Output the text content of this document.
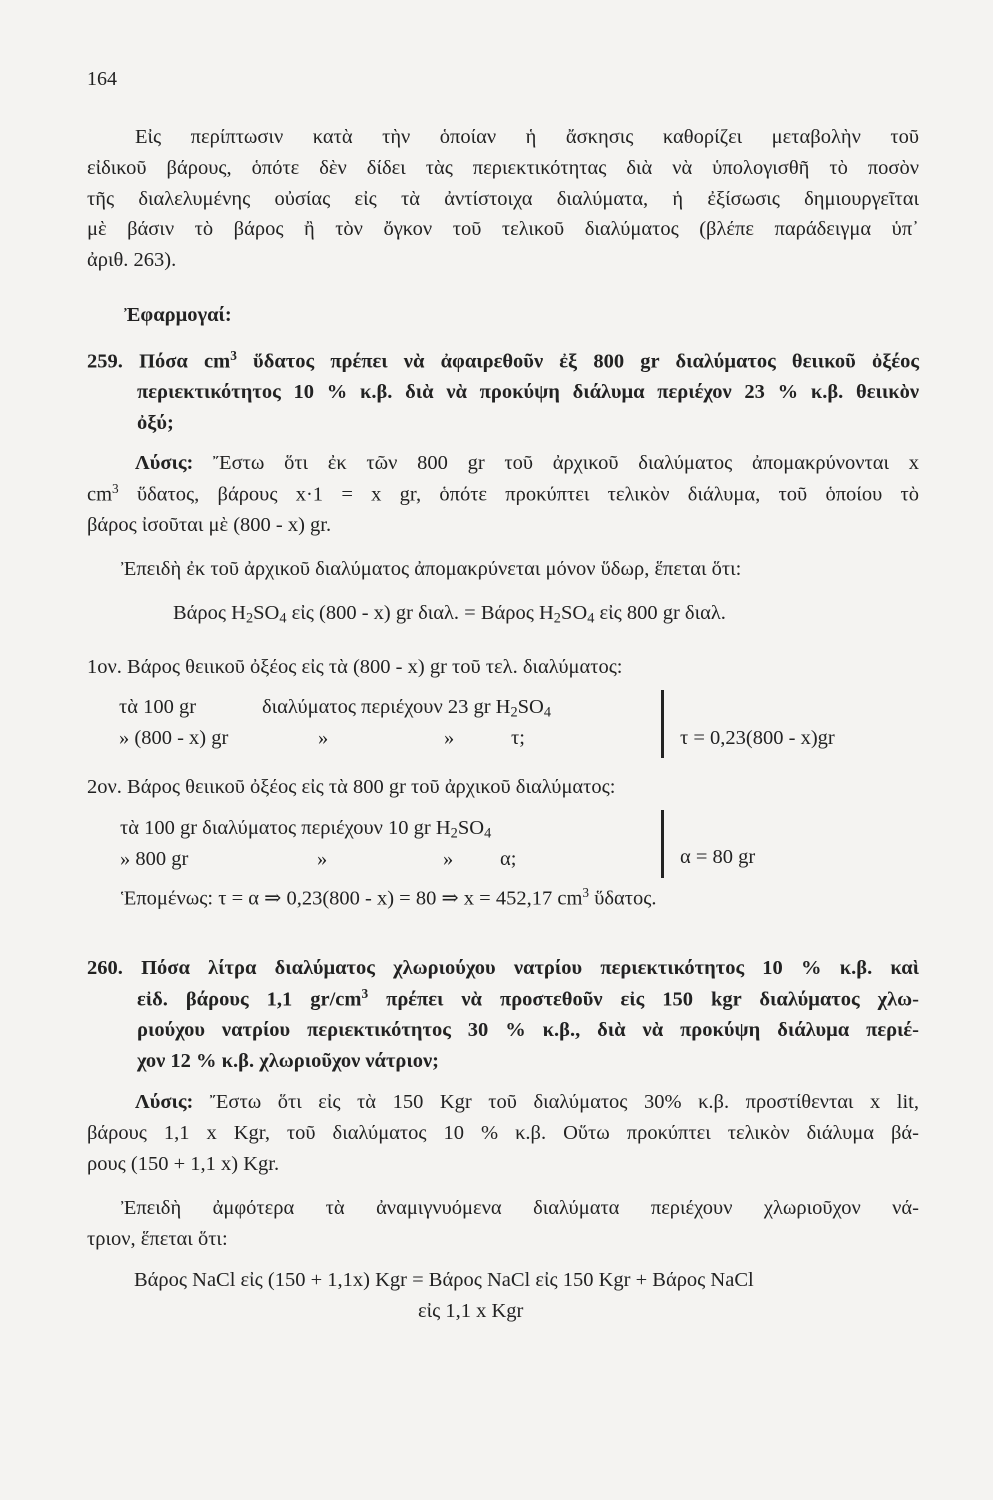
164
Εἰς περίπτωσιν κατὰ τὴν ὁποίαν ἡ ἄσκησις καθορίζει μεταβολὴν τοῦ
εἰδικοῦ βάρους, ὁπότε δὲν δίδει τὰς περιεκτικότητας διὰ νὰ ὑπολογισθῆ τὸ ποσὸν
τῆς διαλελυμένης οὐσίας εἰς τὰ ἀντίστοιχα διαλύματα, ἡ ἐξίσωσις δημιουργεῖται
μὲ βάσιν τὸ βάρος ἢ τὸν ὄγκον τοῦ τελικοῦ διαλύματος (βλέπε παράδειγμα ὑπ᾽
ἀριθ. 263).
Ἐφαρμογαί:
259. Πόσα $cm^3$ ὕδατος πρέπει νὰ ἀφαιρεθοῦν ἐξ 800 gr διαλύματος θειικοῦ ὀξέος
περιεκτικότητος 10 % κ.β. διὰ νὰ προκύψη διάλυμα περιέχον 23 % κ.β. θειικὸν
ὀξύ;
Λύσις: Ἔστω ὅτι ἐκ τῶν 800 gr τοῦ ἀρχικοῦ διαλύματος ἀπομακρύνονται x
$cm^3$ ὕδατος, βάρους x·1 = x gr, ὁπότε προκύπτει τελικὸν διάλυμα, τοῦ ὁποίου τὸ
βάρος ἰσοῦται μὲ (800 - x) gr.
Ἐπειδὴ ἐκ τοῦ ἀρχικοῦ διαλύματος ἀπομακρύνεται μόνον ὕδωρ, ἕπεται ὅτι:
Βάρος $H_2SO_4$ εἰς (800 - x) gr διαλ. = Βάρος $H_2SO_4$ εἰς 800 gr διαλ.
1ον. Βάρος θειικοῦ ὀξέος εἰς τὰ (800 - x) gr τοῦ τελ. διαλύματος:
τὰ 100 gr	διαλύματος περιέχουν 23 gr $H_2SO_4$
» (800 - x) gr	»	»	τ;	τ = 0,23(800 - x)gr
2ον. Βάρος θειικοῦ ὀξέος εἰς τὰ 800 gr τοῦ ἀρχικοῦ διαλύματος:
τὰ 100 gr διαλύματος περιέχουν 10 gr $H_2SO_4$
» 800 gr	»	» α;	α = 80 gr
Ἑπομένως: τ = α ⇒ 0,23(800 - x) = 80 ⇒ x = 452,17 $cm^3$ ὕδατος.
260. Πόσα λίτρα διαλύματος χλωριούχου νατρίου περιεκτικότητος 10 % κ.β. καὶ
εἰδ. βάρους 1,1 $gr/cm^3$ πρέπει νὰ προστεθοῦν εἰς 150 kgr διαλύματος χλω-
ριούχου νατρίου περιεκτικότητος 30 % κ.β., διὰ νὰ προκύψη διάλυμα περιέ-
χον 12 % κ.β. χλωριοῦχον νάτριον;
Λύσις: Ἔστω ὅτι εἰς τὰ 150 Kgr τοῦ διαλύματος 30% κ.β. προστίθενται x lit,
βάρους 1,1 x Kgr, τοῦ διαλύματος 10 % κ.β. Οὕτω προκύπτει τελικὸν διάλυμα βά-
ρους (150 + 1,1 x) Kgr.
Ἐπειδὴ ἀμφότερα τὰ ἀναμιγνυόμενα διαλύματα περιέχουν χλωριοῦχον νά-
τριον, ἕπεται ὅτι:
Βάρος NaCl εἰς (150 + 1,1x) Kgr = Βάρος NaCl εἰς 150 Kgr + Βάρος NaCl
εἰς 1,1 x Kgr
